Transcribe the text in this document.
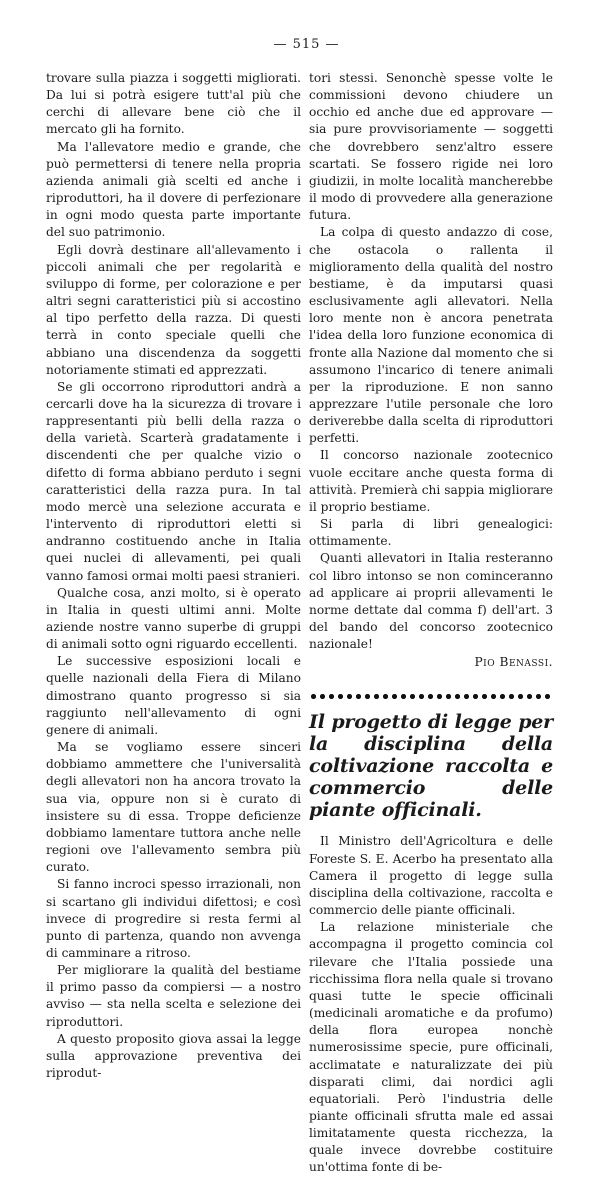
— 515 —

trovare sulla piazza i soggetti migliorati. Da lui si potrà esigere tutt'al più che cerchi di allevare bene ciò che il mercato gli ha fornito.

Ma l'allevatore medio e grande, che può permettersi di tenere nella propria azienda animali già scelti ed anche i riproduttori, ha il dovere di perfezionare in ogni modo questa parte importante del suo patrimonio.

Egli dovrà destinare all'allevamento i piccoli animali che per regolarità e sviluppo di forme, per colorazione e per altri segni caratteristici più si accostino al tipo perfetto della razza. Di questi terrà in conto speciale quelli che abbiano una discendenza da soggetti notoriamente stimati ed apprezzati.

Se gli occorrono riproduttori andrà a cercarli dove ha la sicurezza di trovare i rappresentanti più belli della razza o della varietà. Scarterà gradatamente i discendenti che per qualche vizio o difetto di forma abbiano perduto i segni caratteristici della razza pura. In tal modo mercè una selezione accurata e l'intervento di riproduttori eletti si andranno costituendo anche in Italia quei nuclei di allevamenti, pei quali vanno famosi ormai molti paesi stranieri.

Qualche cosa, anzi molto, si è operato in Italia in questi ultimi anni. Molte aziende nostre vanno superbe di gruppi di animali sotto ogni riguardo eccellenti.

Le successive esposizioni locali e quelle nazionali della Fiera di Milano dimostrano quanto progresso si sia raggiunto nell'allevamento di ogni genere di animali.

Ma se vogliamo essere sinceri dobbiamo ammettere che l'universalità degli allevatori non ha ancora trovato la sua via, oppure non si è curato di insistere su di essa. Troppe deficienze dobbiamo lamentare tuttora anche nelle regioni ove l'allevamento sembra più curato.

Si fanno incroci spesso irrazionali, non si scartano gli individui difettosi; e così invece di progredire si resta fermi al punto di partenza, quando non avvenga di camminare a ritroso.

Per migliorare la qualità del bestiame il primo passo da compiersi — a nostro avviso — sta nella scelta e selezione dei riproduttori.

A questo proposito giova assai la legge sulla approvazione preventiva dei riprodut-

tori stessi. Senonchè spesse volte le commissioni devono chiudere un occhio ed anche due ed approvare — sia pure provvisoriamente — soggetti che dovrebbero senz'altro essere scartati. Se fossero rigide nei loro giudizii, in molte località mancherebbe il modo di provvedere alla generazione futura.

La colpa di questo andazzo di cose, che ostacola o rallenta il miglioramento della qualità del nostro bestiame, è da imputarsi quasi esclusivamente agli allevatori. Nella loro mente non è ancora penetrata l'idea della loro funzione economica di fronte alla Nazione dal momento che si assumono l'incarico di tenere animali per la riproduzione. E non sanno apprezzare l'utile personale che loro deriverebbe dalla scelta di riproduttori perfetti.

Il concorso nazionale zootecnico vuole eccitare anche questa forma di attività. Premierà chi sappia migliorare il proprio bestiame.

Si parla di libri genealogici: ottimamente.

Quanti allevatori in Italia resteranno col libro intonso se non cominceranno ad applicare ai proprii allevamenti le norme dettate dal comma f) dell'art. 3 del bando del concorso zootecnico nazionale!

Pio Benassi.
Il progetto di legge per la disciplina della coltivazione raccolta e commercio delle piante officinali.

Il Ministro dell'Agricoltura e delle Foreste S. E. Acerbo ha presentato alla Camera il progetto di legge sulla disciplina della coltivazione, raccolta e commercio delle piante officinali.

La relazione ministeriale che accompagna il progetto comincia col rilevare che l'Italia possiede una ricchissima flora nella quale si trovano quasi tutte le specie officinali (medicinali aromatiche e da profumo) della flora europea nonchè numerosissime specie, pure officinali, acclimatate e naturalizzate dei più disparati climi, dai nordici agli equatoriali. Però l'industria delle piante officinali sfrutta male ed assai limitatamente questa ricchezza, la quale invece dovrebbe costituire un'ottima fonte di be-
